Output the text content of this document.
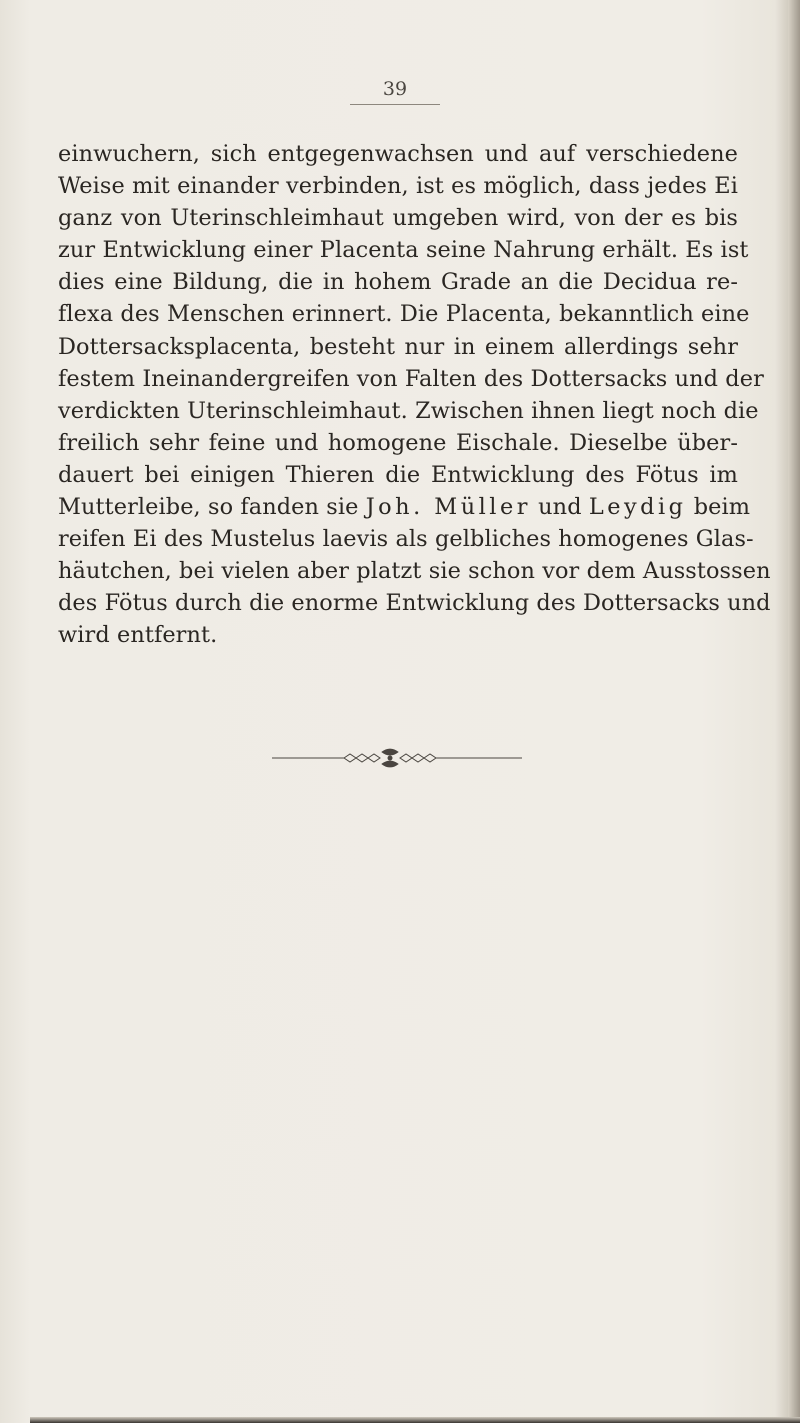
39
einwuchern, sich entgegenwachsen und auf verschiedene
Weise mit einander verbinden, ist es möglich, dass jedes Ei
ganz von Uterinschleimhaut umgeben wird, von der es bis
zur Entwicklung einer Placenta seine Nahrung erhält. Es ist
dies eine Bildung, die in hohem Grade an die Decidua re-
flexa des Menschen erinnert. Die Placenta, bekanntlich eine
Dottersacksplacenta, besteht nur in einem allerdings sehr
festem Ineinandergreifen von Falten des Dottersacks und der
verdickten Uterinschleimhaut. Zwischen ihnen liegt noch die
freilich sehr feine und homogene Eischale. Dieselbe über-
dauert bei einigen Thieren die Entwicklung des Fötus im
Mutterleibe, so fanden sie Joh. Müller und Leydig beim
reifen Ei des Mustelus laevis als gelbliches homogenes Glas-
häutchen, bei vielen aber platzt sie schon vor dem Ausstossen
des Fötus durch die enorme Entwicklung des Dottersacks und
wird entfernt.
